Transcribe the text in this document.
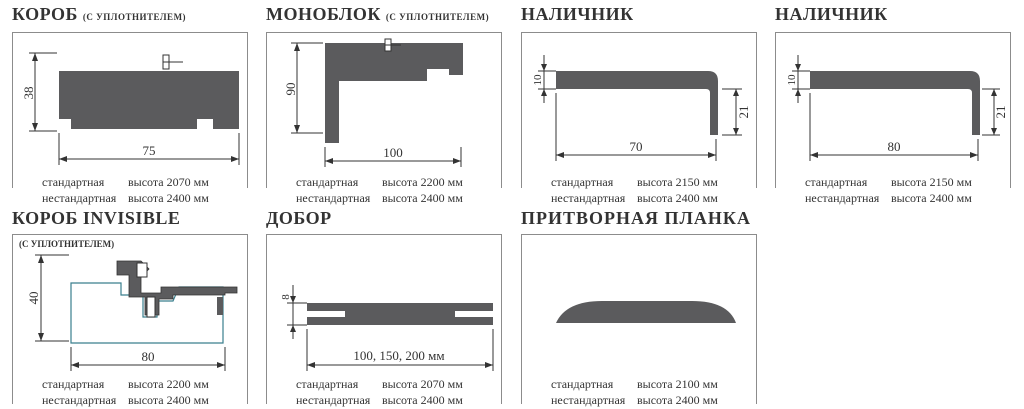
КОРОБ (С УПЛОТНИТЕЛЕМ)
38
75
стандартная	высота 2070 мм
нестандартная высота 2400 мм
МОНОБЛОК (С УПЛОТНИТЕЛЕМ)
90
100
стандартная	высота 2200 мм
нестандартная высота 2400 мм
НАЛИЧНИК
10
21
70
стандартная	высота 2150 мм
нестандартная высота 2400 мм
НАЛИЧНИК
10
21
80
стандартная	высота 2150 мм
нестандартная высота 2400 мм
КОРОБ INVISIBLE
(С УПЛОТНИТЕЛЕМ)
40
80
стандартная	высота 2200 мм
нестандартная высота 2400 мм
ДОБОР
8
100, 150, 200 мм
стандартная	высота 2070 мм
нестандартная высота 2400 мм
ПРИТВОРНАЯ ПЛАНКА
стандартная	высота 2100 мм
нестандартная высота 2400 мм
